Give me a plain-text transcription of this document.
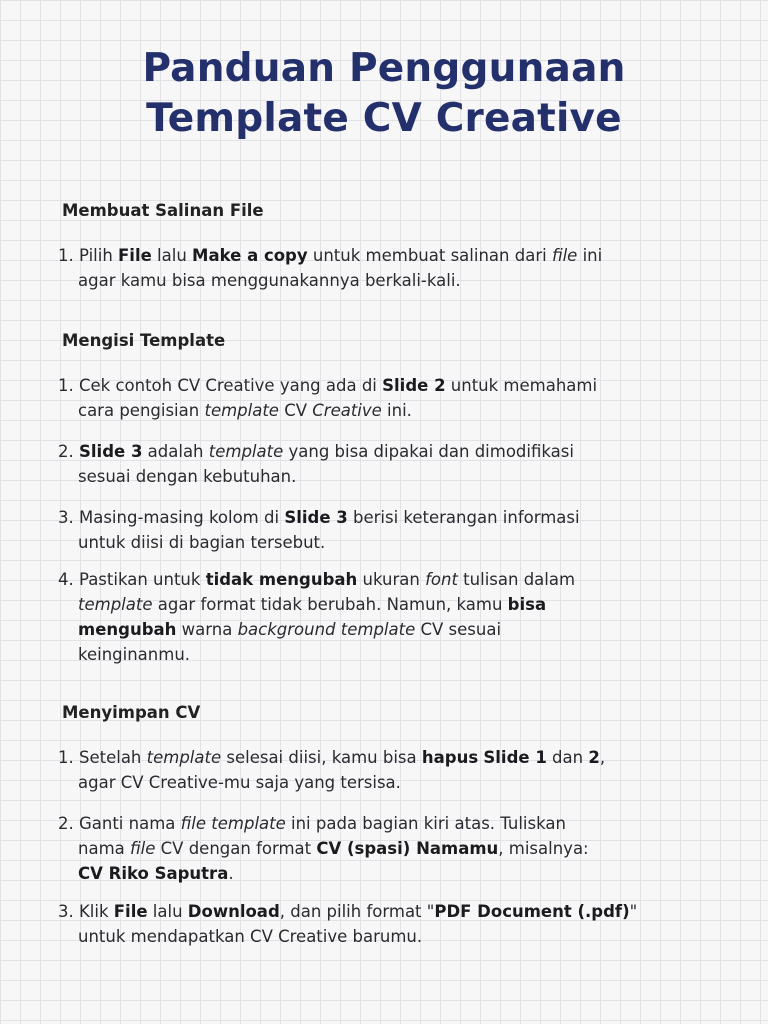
Panduan Penggunaan
Template CV Creative
Membuat Salinan File
1. Pilih File lalu Make a copy untuk membuat salinan dari file ini
agar kamu bisa menggunakannya berkali-kali.
Mengisi Template
1. Cek contoh CV Creative yang ada di Slide 2 untuk memahami
cara pengisian template CV Creative ini.
2. Slide 3 adalah template yang bisa dipakai dan dimodifikasi
sesuai dengan kebutuhan.
3. Masing-masing kolom di Slide 3 berisi keterangan informasi
untuk diisi di bagian tersebut.
4. Pastikan untuk tidak mengubah ukuran font tulisan dalam
template agar format tidak berubah. Namun, kamu bisa
mengubah warna background template CV sesuai
keinginanmu.
Menyimpan CV
1. Setelah template selesai diisi, kamu bisa hapus Slide 1 dan 2,
agar CV Creative-mu saja yang tersisa.
2. Ganti nama file template ini pada bagian kiri atas. Tuliskan
nama file CV dengan format CV (spasi) Namamu, misalnya:
CV Riko Saputra.
3. Klik File lalu Download, dan pilih format "PDF Document (.pdf)"
untuk mendapatkan CV Creative barumu.
